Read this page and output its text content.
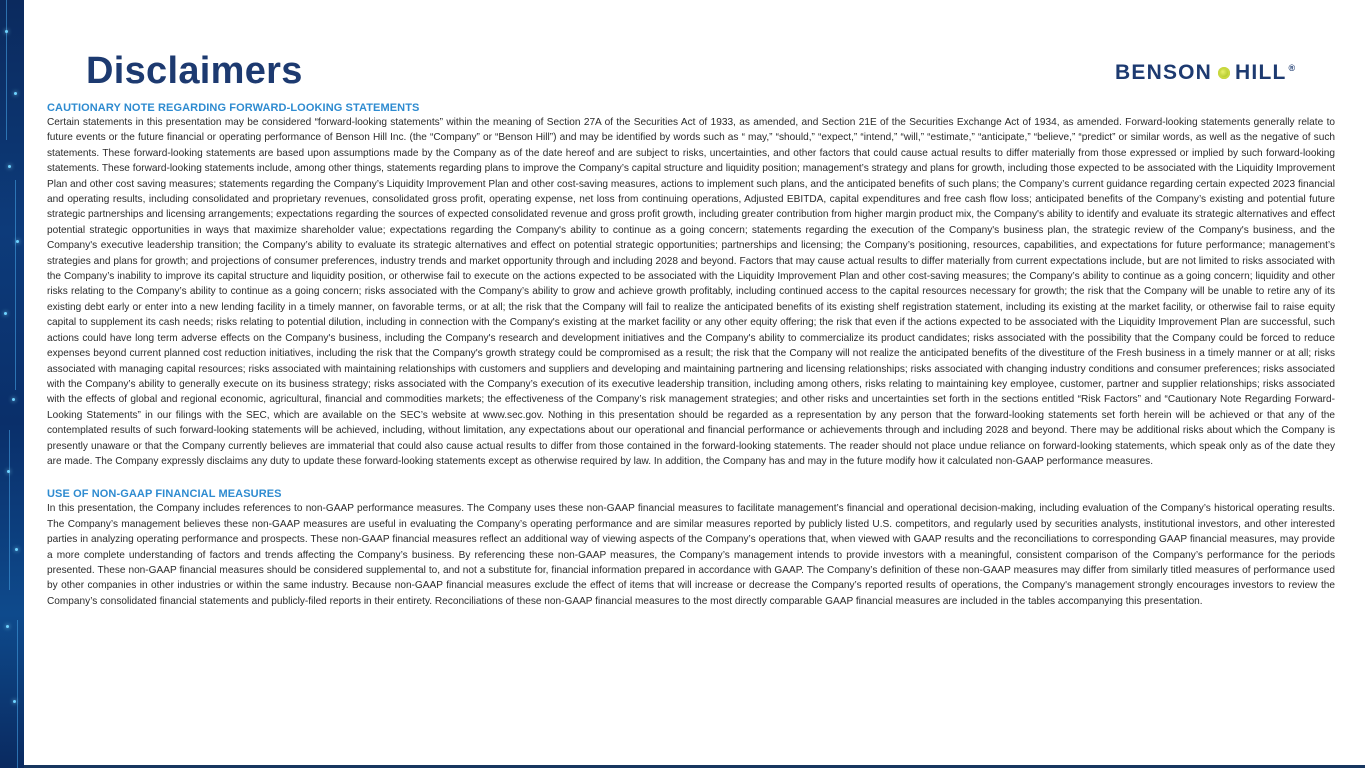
Disclaimers	BENSON HILL ®
CAUTIONARY NOTE REGARDING FORWARD-LOOKING STATEMENTS

Certain statements in this presentation may be considered “forward-looking statements” within the meaning of Section 27A of the Securities Act of 1933, as amended, and Section 21E of the Securities Exchange Act of 1934, as amended. Forward-looking statements generally relate to future events or the future financial or operating performance of Benson Hill Inc. (the “Company” or “Benson Hill”) and may be identified by words such as “ may,” “should,” “expect,” “intend,” “will,” “estimate,” “anticipate,” “believe,” “predict” or similar words, as well as the negative of such statements. These forward-looking statements are based upon assumptions made by the Company as of the date hereof and are subject to risks, uncertainties, and other factors that could cause actual results to differ materially from those expressed or implied by such forward-looking statements. These forward-looking statements include, among other things, statements regarding plans to improve the Company’s capital structure and liquidity position; management’s strategy and plans for growth, including those expected to be associated with the Liquidity Improvement Plan and other cost saving measures; statements regarding the Company’s Liquidity Improvement Plan and other cost-saving measures, actions to implement such plans, and the anticipated benefits of such plans; the Company’s current guidance regarding certain expected 2023 financial and operating results, including consolidated and proprietary revenues, consolidated gross profit, operating expense, net loss from continuing operations, Adjusted EBITDA, capital expenditures and free cash flow loss; anticipated benefits of the Company’s existing and potential future strategic partnerships and licensing arrangements; expectations regarding the sources of expected consolidated revenue and gross profit growth, including greater contribution from higher margin product mix, the Company's ability to identify and evaluate its strategic alternatives and effect potential strategic opportunities in ways that maximize shareholder value; expectations regarding the Company's ability to continue as a going concern; statements regarding the execution of the Company's business plan, the strategic review of the Company's business, and the Company's executive leadership transition; the Company’s ability to evaluate its strategic alternatives and effect on potential strategic opportunities; partnerships and licensing; the Company’s positioning, resources, capabilities, and expectations for future performance; management’s strategies and plans for growth; and projections of consumer preferences, industry trends and market opportunity through and including 2028 and beyond. Factors that may cause actual results to differ materially from current expectations include, but are not limited to risks associated with the Company’s inability to improve its capital structure and liquidity position, or otherwise fail to execute on the actions expected to be associated with the Liquidity Improvement Plan and other cost-saving measures; the Company’s ability to continue as a going concern; liquidity and other risks relating to the Company’s ability to continue as a going concern; risks associated with the Company’s ability to grow and achieve growth profitably, including continued access to the capital resources necessary for growth; the risk that the Company will be unable to retire any of its existing debt early or enter into a new lending facility in a timely manner, on favorable terms, or at all; the risk that the Company will fail to realize the anticipated benefits of its existing shelf registration statement, including its existing at the market facility, or otherwise fail to raise equity capital to supplement its cash needs; risks relating to potential dilution, including in connection with the Company's existing at the market facility or any other equity offering; the risk that even if the actions expected to be associated with the Liquidity Improvement Plan are successful, such actions could have long term adverse effects on the Company's business, including the Company's research and development initiatives and the Company's ability to commercialize its product candidates; risks associated with the possibility that the Company could be forced to reduce expenses beyond current planned cost reduction initiatives, including the risk that the Company's growth strategy could be compromised as a result; the risk that the Company will not realize the anticipated benefits of the divestiture of the Fresh business in a timely manner or at all; risks associated with managing capital resources; risks associated with maintaining relationships with customers and suppliers and developing and maintaining partnering and licensing relationships; risks associated with changing industry conditions and consumer preferences; risks associated with the Company’s ability to generally execute on its business strategy; risks associated with the Company’s execution of its executive leadership transition, including among others, risks relating to maintaining key employee, customer, partner and supplier relationships; risks associated with the effects of global and regional economic, agricultural, financial and commodities markets; the effectiveness of the Company’s risk management strategies; and other risks and uncertainties set forth in the sections entitled “Risk Factors” and “Cautionary Note Regarding Forward-Looking Statements” in our filings with the SEC, which are available on the SEC’s website at www.sec.gov. Nothing in this presentation should be regarded as a representation by any person that the forward-looking statements set forth herein will be achieved or that any of the contemplated results of such forward-looking statements will be achieved, including, without limitation, any expectations about our operational and financial performance or achievements through and including 2028 and beyond. There may be additional risks about which the Company is presently unaware or that the Company currently believes are immaterial that could also cause actual results to differ from those contained in the forward-looking statements. The reader should not place undue reliance on forward-looking statements, which speak only as of the date they are made. The Company expressly disclaims any duty to update these forward-looking statements except as otherwise required by law. In addition, the Company has and may in the future modify how it calculated non-GAAP performance measures.

USE OF NON-GAAP FINANCIAL MEASURES

In this presentation, the Company includes references to non-GAAP performance measures. The Company uses these non-GAAP financial measures to facilitate management’s financial and operational decision-making, including evaluation of the Company’s historical operating results. The Company’s management believes these non-GAAP measures are useful in evaluating the Company’s operating performance and are similar measures reported by publicly listed U.S. competitors, and regularly used by securities analysts, institutional investors, and other interested parties in analyzing operating performance and prospects. These non-GAAP financial measures reflect an additional way of viewing aspects of the Company’s operations that, when viewed with GAAP results and the reconciliations to corresponding GAAP financial measures, may provide a more complete understanding of factors and trends affecting the Company’s business. By referencing these non-GAAP measures, the Company’s management intends to provide investors with a meaningful, consistent comparison of the Company’s performance for the periods presented. These non-GAAP financial measures should be considered supplemental to, and not a substitute for, financial information prepared in accordance with GAAP. The Company’s definition of these non-GAAP measures may differ from similarly titled measures of performance used by other companies in other industries or within the same industry. Because non-GAAP financial measures exclude the effect of items that will increase or decrease the Company’s reported results of operations, the Company's management strongly encourages investors to review the Company’s consolidated financial statements and publicly-filed reports in their entirety. Reconciliations of these non-GAAP financial measures to the most directly comparable GAAP financial measures are included in the tables accompanying this presentation.
